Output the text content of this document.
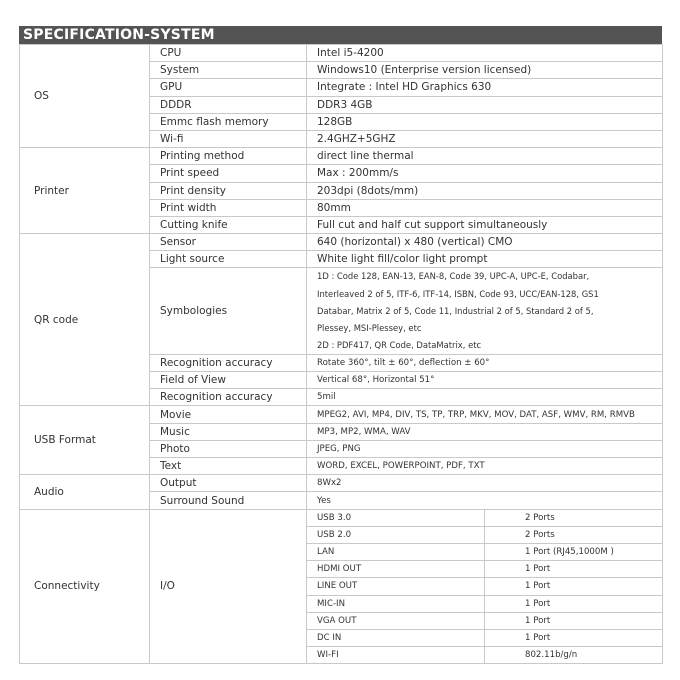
SPECIFICATION-SYSTEM
OS	CPU	Intel i5-4200	
	System	Windows10 (Enterprise version licensed)	
	GPU	Integrate : Intel HD Graphics 630	
	DDDR	DDR3 4GB	
	Emmc flash memory	128GB	
	Wi-fi	2.4GHZ+5GHZ	
Printer	Printing method	direct line thermal	
	Print speed	Max : 200mm/s	
	Print density	203dpi (8dots/mm)	
	Print width	80mm	
	Cutting knife	Full cut and half cut support simultaneously	
QR code	Sensor	640 (horizontal) x 480 (vertical) CMO	
	Light source	White light fill/color light prompt	
	Symbologies	1D : Code 128, EAN-13, EAN-8, Code 39, UPC-A, UPC-E, Codabar,
Interleaved 2 of 5, ITF-6, ITF-14, ISBN, Code 93, UCC/EAN-128, GS1
Databar, Matrix 2 of 5, Code 11, Industrial 2 of 5, Standard 2 of 5,
Plessey, MSI-Plessey, etc
2D : PDF417, QR Code, DataMatrix, etc	

	Recognition accuracy	Rotate 360°, tilt ± 60°, deflection ± 60°	
	Field of View	Vertical 68°, Horizontal 51°	
	Recognition accuracy	5mil	
USB Format	Movie	MPEG2, AVI, MP4, DIV, TS, TP, TRP, MKV, MOV, DAT, ASF, WMV, RM, RMVB	
	Music	MP3, MP2, WMA, WAV	
	Photo	JPEG, PNG	
	Text	WORD, EXCEL, POWERPOINT, PDF, TXT	
Audio	Output	8Wx2	
	Surround Sound	Yes	
Connectivity	I/O	USB 3.0	2 Ports
		USB 2.0	2 Ports
		LAN	1 Port (RJ45,1000M )
		HDMI OUT	1 Port
		LINE OUT	1 Port
		MIC-IN	1 Port
		VGA OUT	1 Port
		DC IN	1 Port
		WI-FI	802.11b/g/n
